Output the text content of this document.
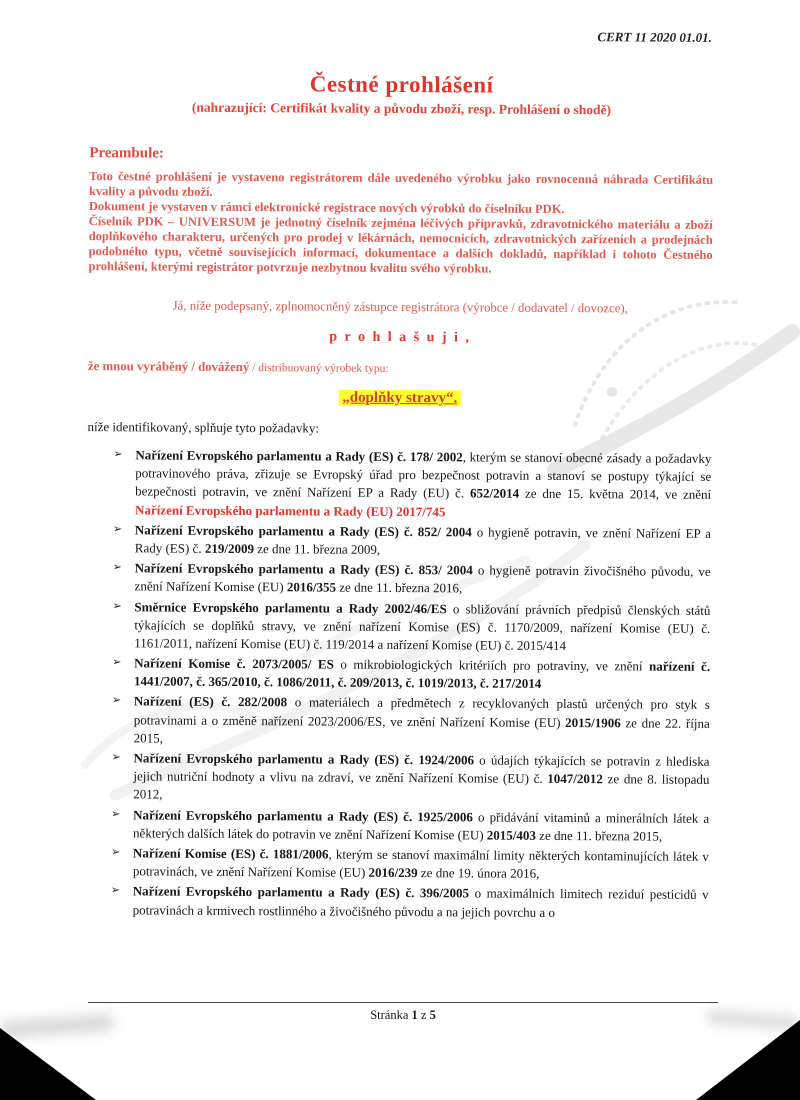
CERT 11 2020 01.01.
Čestné prohlášení
(nahrazující: Certifikát kvality a původu zboží, resp. Prohlášení o shodě)
Preambule:

Toto čestné prohlášení je vystaveno registrátorem dále uvedeného výrobku jako rovnocenná náhrada Certifikátu kvality a původu zboží.

Dokument je vystaven v rámci elektronické registrace nových výrobků do číselníku PDK.

Číselník PDK – UNIVERSUM je jednotný číselník zejména léčivých přípravků, zdravotnického materiálu a zboží doplňkového charakteru, určených pro prodej v lékárnách, nemocnicích, zdravotnických zařízeních a prodejnách podobného typu, včetně souvisejících informací, dokumentace a dalších dokladů, například i tohoto Čestného prohlášení, kterými registrátor potvrzuje nezbytnou kvalitu svého výrobku.

Já, níže podepsaný, zplnomocněný zástupce registrátora (výrobce / dodavatel / dovozce),

p r o h l a š u j i ,

že mnou vyráběný / dovážený / distribuovaný výrobek typu:

„doplňky stravy“.

níže identifikovaný, splňuje tyto požadavky:

➢ Nařízení Evropského parlamentu a Rady (ES) č. 178/ 2002, kterým se stanoví obecné zásady a požadavky potravinového práva, zřizuje se Evropský úřad pro bezpečnost potravin a stanoví se postupy týkající se bezpečnosti potravin, ve znění Nařízení EP a Rady (EU) č. 652/2014 ze dne 15. května 2014, ve znění Nařízení Evropského parlamentu a Rady (EU) 2017/745
➢ Nařízení Evropského parlamentu a Rady (ES) č. 852/ 2004 o hygieně potravin, ve znění Nařízení EP a Rady (ES) č. 219/2009 ze dne 11. března 2009,
➢ Nařízení Evropského parlamentu a Rady (ES) č. 853/ 2004 o hygieně potravin živočišného původu, ve znění Nařízení Komise (EU) 2016/355 ze dne 11. března 2016,
➢ Směrnice Evropského parlamentu a Rady 2002/46/ES o sbližování právních předpisů členských států týkajících se doplňků stravy, ve znění nařízení Komise (ES) č. 1170/2009, nařízení Komise (EU) č. 1161/2011, nařízení Komise (EU) č. 119/2014 a nařízení Komise (EU) č. 2015/414
➢ Nařízení Komise č. 2073/2005/ ES o mikrobiologických kritériích pro potraviny, ve znění nařízení č. 1441/2007, č. 365/2010, č. 1086/2011, č. 209/2013, č. 1019/2013, č. 217/2014
➢ Nařízení (ES) č. 282/2008 o materiálech a předmětech z recyklovaných plastů určených pro styk s potravinami a o změně nařízení 2023/2006/ES, ve znění Nařízení Komise (EU) 2015/1906 ze dne 22. října 2015,
➢ Nařízení Evropského parlamentu a Rady (ES) č. 1924/2006 o údajích týkajících se potravin z hlediska jejich nutriční hodnoty a vlivu na zdraví, ve znění Nařízení Komise (EU) č. 1047/2012 ze dne 8. listopadu 2012,
➢ Nařízení Evropského parlamentu a Rady (ES) č. 1925/2006 o přidávání vitaminů a minerálních látek a některých dalších látek do potravin ve znění Nařízení Komise (EU) 2015/403 ze dne 11. března 2015,
➢ Nařízení Komise (ES) č. 1881/2006, kterým se stanoví maximální limity některých kontaminujících látek v potravinách, ve znění Nařízení Komise (EU) 2016/239 ze dne 19. února 2016,
➢ Nařízení Evropského parlamentu a Rady (ES) č. 396/2005 o maximálních limitech reziduí pesticidů v potravinách a krmivech rostlinného a živočišného původu a na jejich povrchu a o
Stránka 1 z 5
